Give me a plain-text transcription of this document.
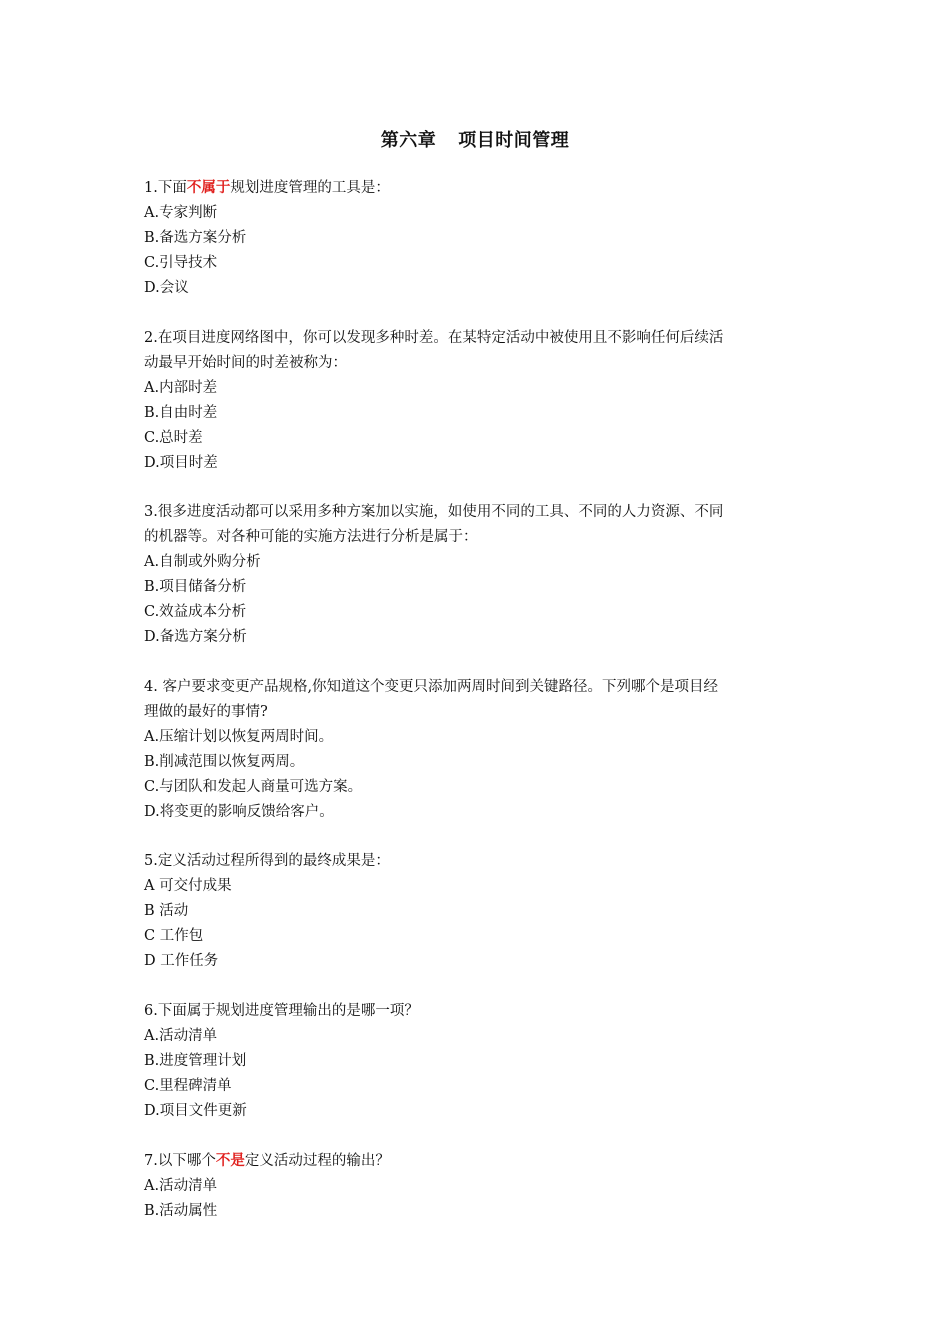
第六章 项目时间管理
1.下面不属于规划进度管理的工具是：
A.专家判断
B.备选方案分析
C.引导技术
D.会议
2.在项目进度网络图中，你可以发现多种时差。在某特定活动中被使用且不影响任何后续活
动最早开始时间的时差被称为：
A.内部时差
B.自由时差
C.总时差
D.项目时差
3.很多进度活动都可以采用多种方案加以实施，如使用不同的工具、不同的人力资源、不同
的机器等。对各种可能的实施方法进行分析是属于：
A.自制或外购分析
B.项目储备分析
C.效益成本分析
D.备选方案分析
4. 客户要求变更产品规格,你知道这个变更只添加两周时间到关键路径。下列哪个是项目经
理做的最好的事情?
A.压缩计划以恢复两周时间。
B.削减范围以恢复两周。
C.与团队和发起人商量可选方案。
D.将变更的影响反馈给客户。
5.定义活动过程所得到的最终成果是：
A 可交付成果
B 活动
C 工作包
D 工作任务
6.下面属于规划进度管理输出的是哪一项？
A.活动清单
B.进度管理计划
C.里程碑清单
D.项目文件更新
7.以下哪个不是定义活动过程的输出？
A.活动清单
B.活动属性
